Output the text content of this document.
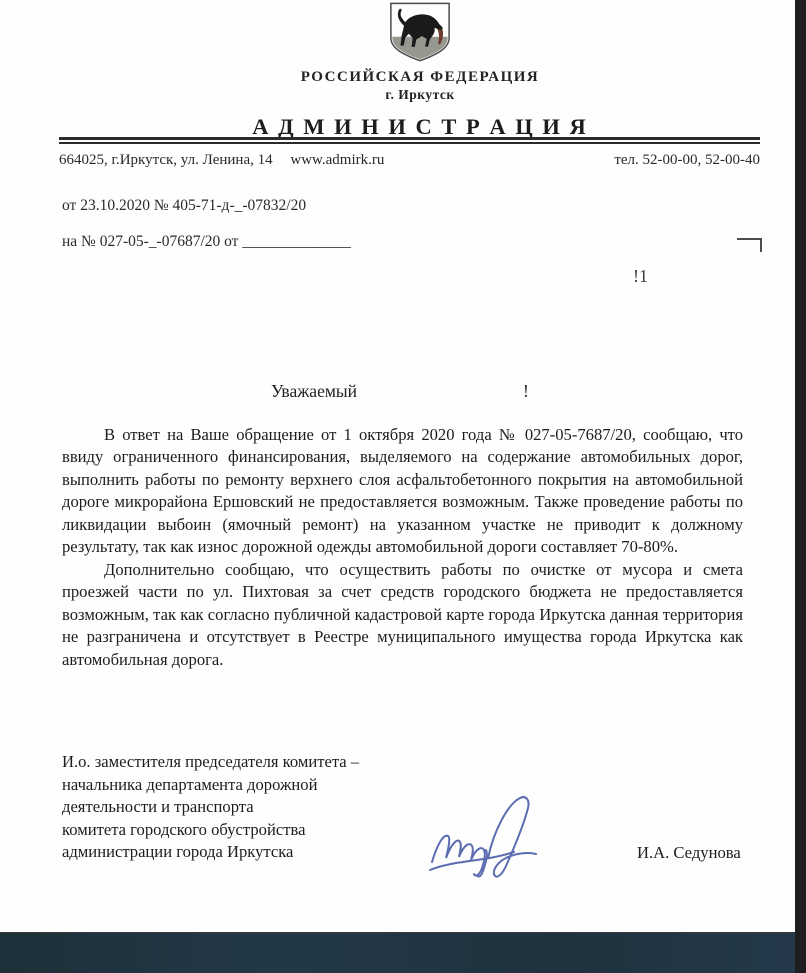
РОССИЙСКАЯ ФЕДЕРАЦИЯ
г. Иркутск
А Д М И Н И С Т Р А Ц И Я
664025, г.Иркутск, ул. Ленина, 14 www.admirk.ru	тел. 52-00-00, 52-00-40
от 23.10.2020 № 405-71-д-_-07832/20
на № 027-05-_-07687/20 от ______________
!1
Уважаемый	!

В ответ на Ваше обращение от 1 октября 2020 года № 027-05-7687/20, сообщаю, что ввиду ограниченного финансирования, выделяемого на содержание автомобильных дорог, выполнить работы по ремонту верхнего слоя асфальтобетонного покрытия на автомобильной дороге микрорайона Ершовский не предоставляется возможным. Также проведение работы по ликвидации выбоин (ямочный ремонт) на указанном участке не приводит к должному результату, так как износ дорожной одежды автомобильной дороги составляет 70-80%.

Дополнительно сообщаю, что осуществить работы по очистке от мусора и смета проезжей части по ул. Пихтовая за счет средств городского бюджета не предоставляется возможным, так как согласно публичной кадастровой карте города Иркутска данная территория не разграничена и отсутствует в Реестре муниципального имущества города Иркутска как автомобильная дорога.

И.о. заместителя председателя комитета –
начальника департамента дорожной
деятельности и транспорта
комитета городского обустройства
администрации города Иркутска	И.А. Седунова
